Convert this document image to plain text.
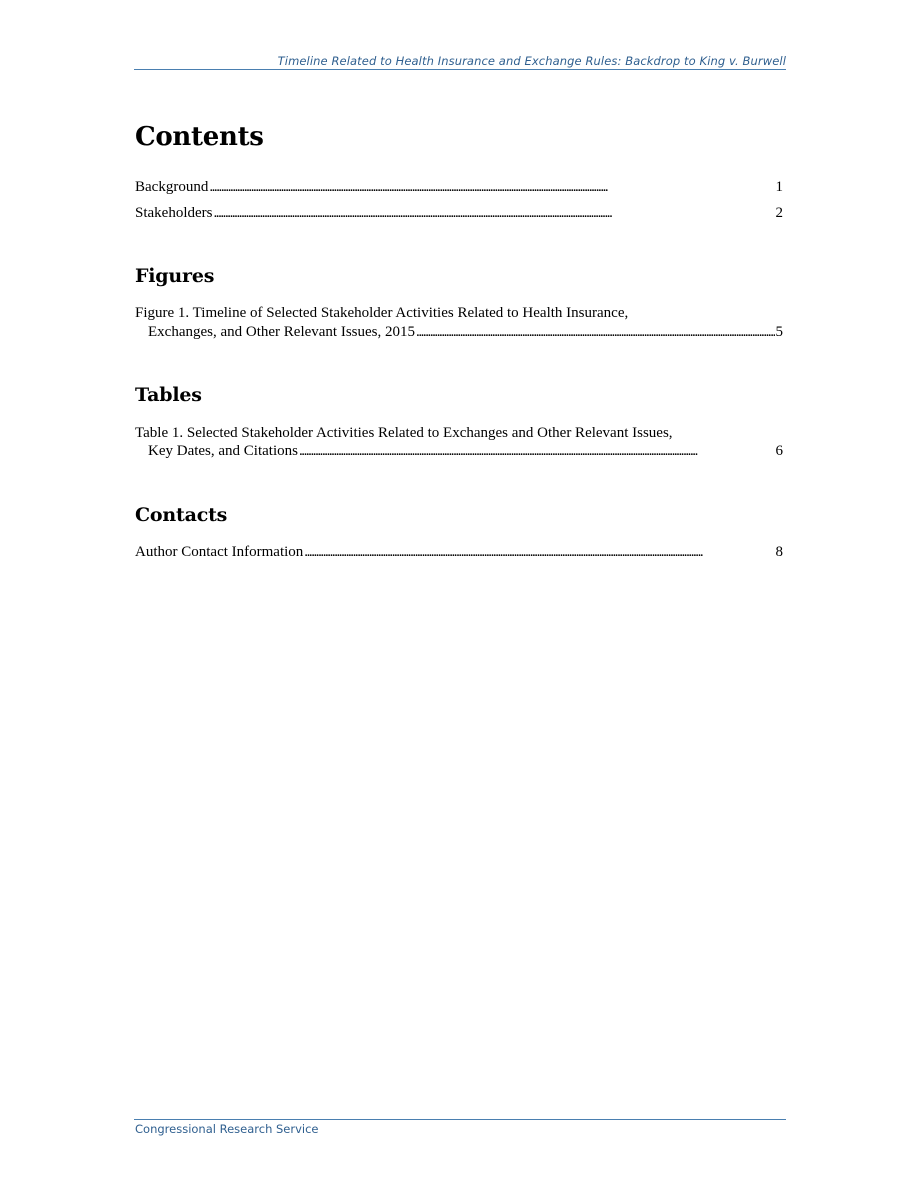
Timeline Related to Health Insurance and Exchange Rules: Backdrop to King v. Burwell
Contents
Background . . .	1
Stakeholders . . .	2
Figures
Figure 1. Timeline of Selected Stakeholder Activities Related to Health Insurance,
Exchanges, and Other Relevant Issues, 2015 . . .	5
Tables
Table 1. Selected Stakeholder Activities Related to Exchanges and Other Relevant Issues,
Key Dates, and Citations . . .	6
Contacts
Author Contact Information . . .	8
Congressional Research Service
